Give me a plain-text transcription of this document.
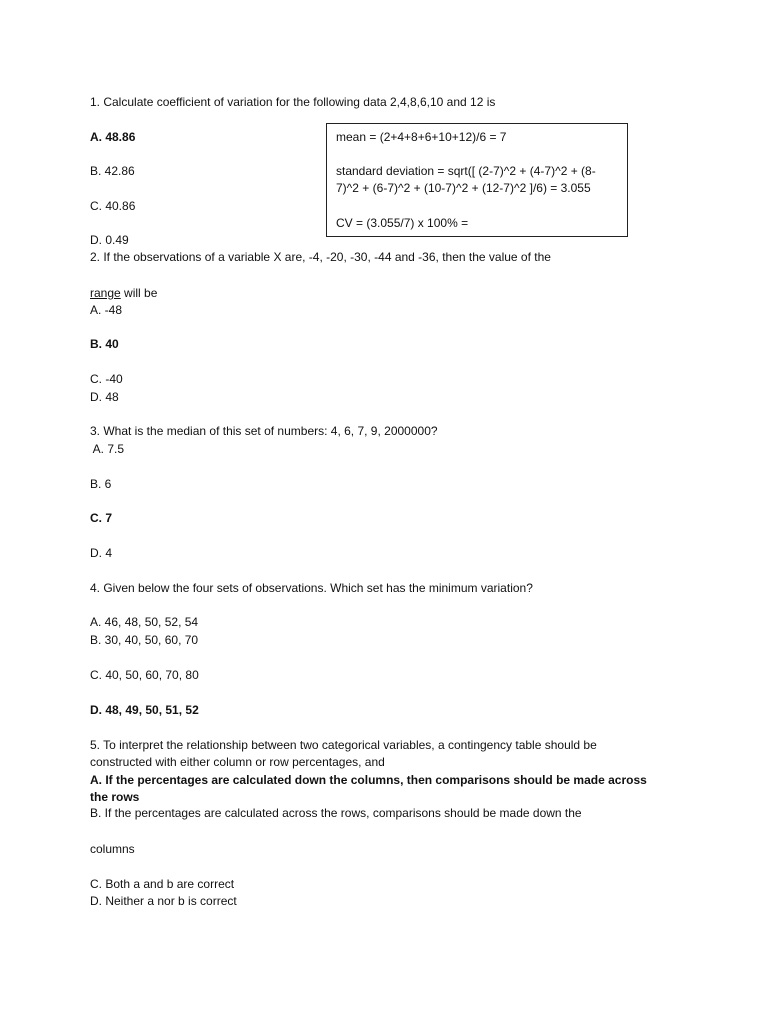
1. Calculate coefficient of variation for the following data 2,4,8,6,10 and 12 is
A. 48.86
B. 42.86
C. 40.86
D. 0.49
mean = (2+4+8+6+10+12)/6 = 7
standard deviation = sqrt([ (2-7)^2 + (4-7)^2 + (8-
7)^2 + (6-7)^2 + (10-7)^2 + (12-7)^2 ]/6) = 3.055
CV = (3.055/7) x 100% =
2. If the observations of a variable X are, -4, -20, -30, -44 and -36, then the value of the
range will be
A. -48
B. 40
C. -40
D. 48
3. What is the median of this set of numbers: 4, 6, 7, 9, 2000000?
A. 7.5
B. 6
C. 7
D. 4
4. Given below the four sets of observations. Which set has the minimum variation?
A. 46, 48, 50, 52, 54
B. 30, 40, 50, 60, 70
C. 40, 50, 60, 70, 80
D. 48, 49, 50, 51, 52
5. To interpret the relationship between two categorical variables, a contingency table should be constructed with either column or row percentages, and
A. If the percentages are calculated down the columns, then comparisons should be made across the rows
B. If the percentages are calculated across the rows, comparisons should be made down the
columns
C. Both a and b are correct
D. Neither a nor b is correct
